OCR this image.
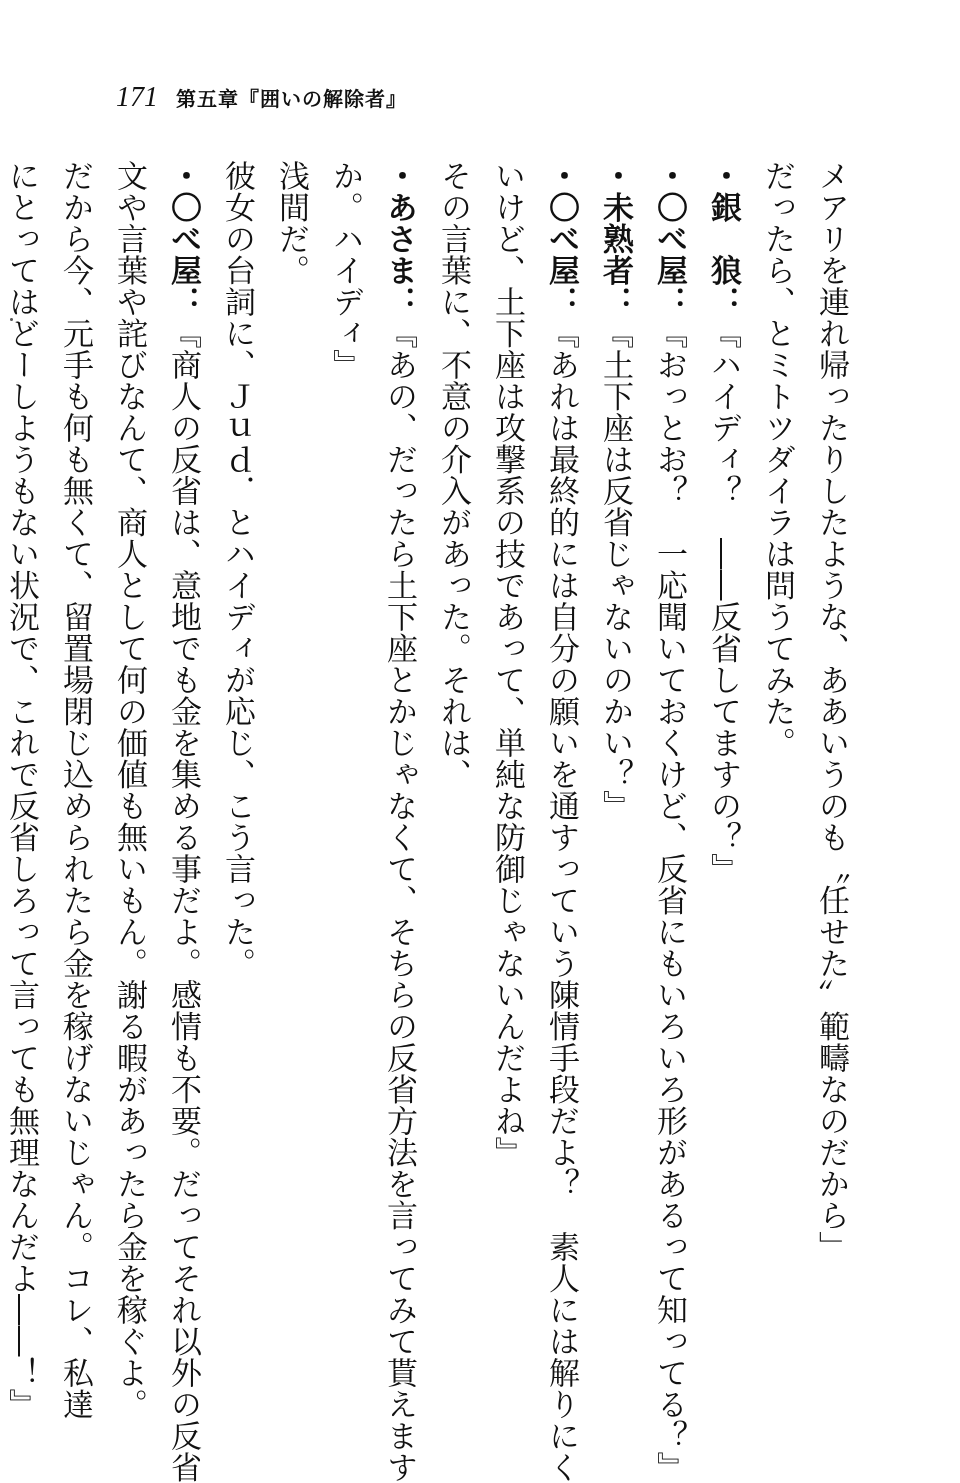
171 第五章『囲いの解除者』
メアリを連れ帰ったりしたような、ああいうのも〝任せた〟範疇なのだから」
だったら、とミトツダイラは問うてみた。
・銀　狼：『ハイディ？　――反省してますの？』
・〇べ屋：『おっとお？　一応聞いておくけど、反省にもいろいろ形があるって知ってる？』
・未熟者：『土下座は反省じゃないのかい？』
・〇べ屋：『あれは最終的には自分の願いを通すっていう陳情手段だよ？　素人には解りにく
いけど、土下座は攻撃系の技であって、単純な防御じゃないんだよね』
その言葉に、不意の介入があった。それは、
・あさま：『あの、だったら土下座とかじゃなくて、そちらの反省方法を言ってみて貰えます
か。ハイディ』
浅間だ。
彼女の台詞に、Ｊｕｄ．とハイディが応じ、こう言った。
・〇べ屋：『商人の反省は、意地でも金を集める事だよ。感情も不要。だってそれ以外の反省
文や言葉や詫びなんて、商人として何の価値も無いもん。謝る暇があったら金を稼ぐよ。
だから今、元手も何も無くて、留置場閉じ込められたら金を稼げないじゃん。コレ、私達
にとってはどーしようもない状況で、これで反省しろって言っても無理なんだよ――！』
